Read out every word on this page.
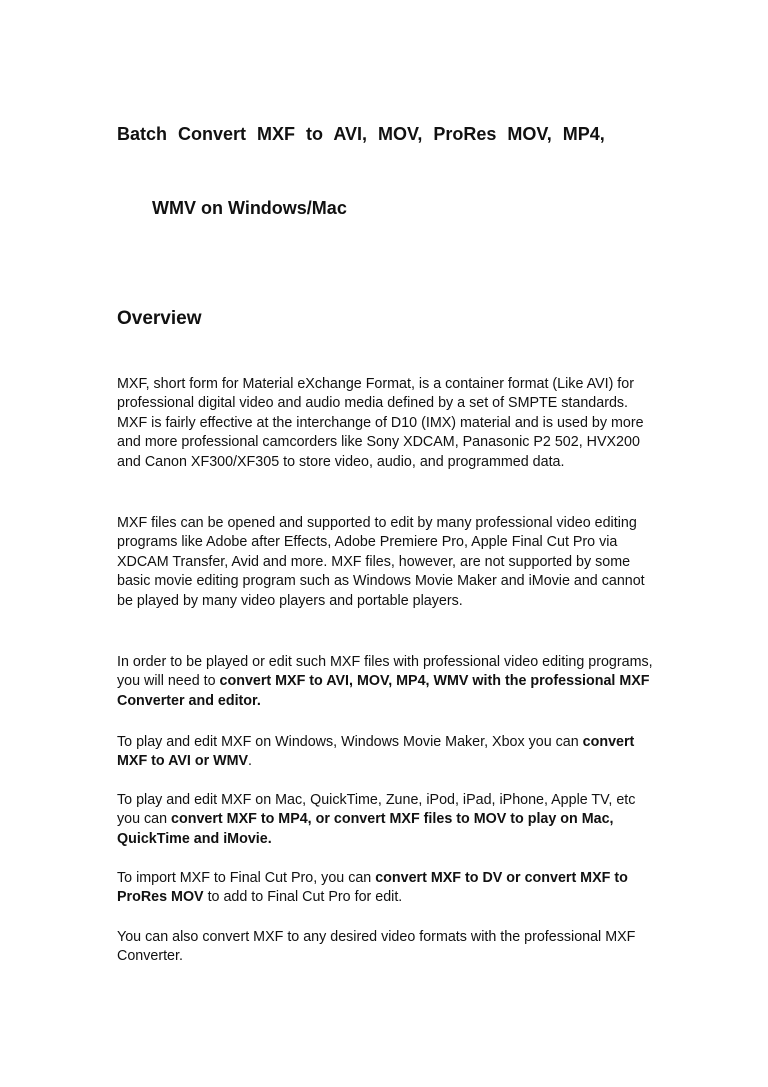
Batch Convert MXF to AVI, MOV, ProRes MOV, MP4,
WMV on Windows/Mac
Overview

MXF, short form for Material eXchange Format, is a container format (Like AVI) for professional digital video and audio media defined by a set of SMPTE standards. MXF is fairly effective at the interchange of D10 (IMX) material and is used by more and more professional camcorders like Sony XDCAM, Panasonic P2 502, HVX200 and Canon XF300/XF305 to store video, audio, and programmed data.

MXF files can be opened and supported to edit by many professional video editing programs like Adobe after Effects, Adobe Premiere Pro, Apple Final Cut Pro via XDCAM Transfer, Avid and more. MXF files, however, are not supported by some basic movie editing program such as Windows Movie Maker and iMovie and cannot be played by many video players and portable players.

In order to be played or edit such MXF files with professional video editing programs, you will need to convert MXF to AVI, MOV, MP4, WMV with the professional MXF Converter and editor.

To play and edit MXF on Windows, Windows Movie Maker, Xbox you can convert MXF to AVI or WMV.

To play and edit MXF on Mac, QuickTime, Zune, iPod, iPad, iPhone, Apple TV, etc you can convert MXF to MP4, or convert MXF files to MOV to play on Mac, QuickTime and iMovie.

To import MXF to Final Cut Pro, you can convert MXF to DV or convert MXF to ProRes MOV to add to Final Cut Pro for edit.

You can also convert MXF to any desired video formats with the professional MXF Converter.
